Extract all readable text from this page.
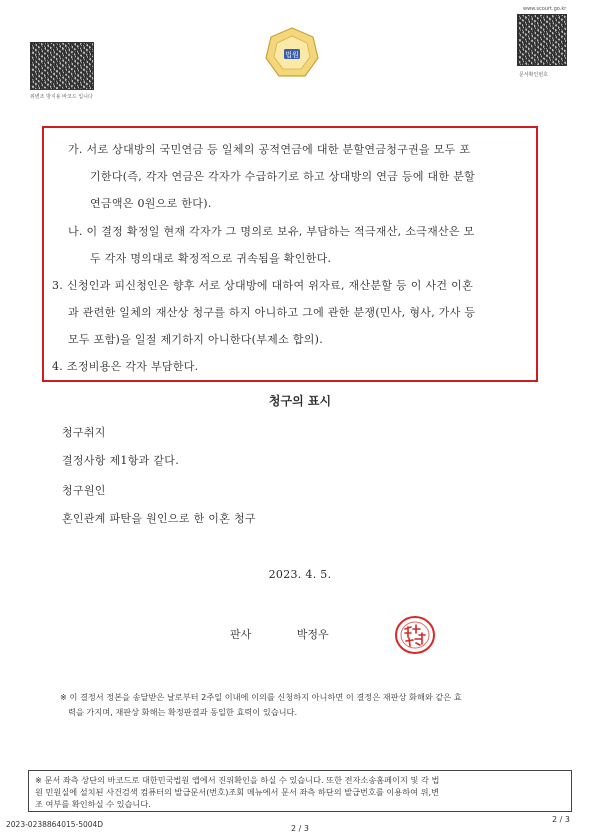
www.scourt.go.kr
위변조 방지용 바코드 입니다
문서확인번호
법원
가. 서로 상대방의 국민연금 등 일체의 공적연금에 대한 분할연금청구권을 모두 포
기한다(즉, 각자 연금은 각자가 수급하기로 하고 상대방의 연금 등에 대한 분할
연금액은 0원으로 한다).
나. 이 결정 확정일 현재 각자가 그 명의로 보유, 부담하는 적극재산, 소극재산은 모
두 각자 명의대로 확정적으로 귀속됨을 확인한다.
3. 신청인과 피신청인은 향후 서로 상대방에 대하여 위자료, 재산분할 등 이 사건 이혼
과 관련한 일체의 재산상 청구를 하지 아니하고 그에 관한 분쟁(민사, 형사, 가사 등
모두 포함)을 일절 제기하지 아니한다(부제소 합의).
4. 조정비용은 각자 부담한다.
청구의 표시
청구취지
결정사항 제1항과 같다.
청구원인
혼인관계 파탄을 원인으로 한 이혼 청구
2023. 4. 5.
판사	박정우
※ 이 결정서 정본을 송달받은 날로부터 2주일 이내에 이의를 신청하지 아니하면 이 결정은 재판상 화해와 같은 효
력을 가지며, 재판상 화해는 확정판결과 동일한 효력이 있습니다.
※ 문서 좌측 상단의 바코드로 대한민국법원 앱에서 진위확인을 하실 수 있습니다. 또한 전자소송홈페이지 및 각 법
원 민원실에 설치된 사건검색 컴퓨터의 발급문서(번호)조회 메뉴에서 문서 좌측 하단의 발급번호를 이용하여 위,변
조 여부를 확인하실 수 있습니다.
2023-0238864015-5004D	2 / 3
2 / 3
